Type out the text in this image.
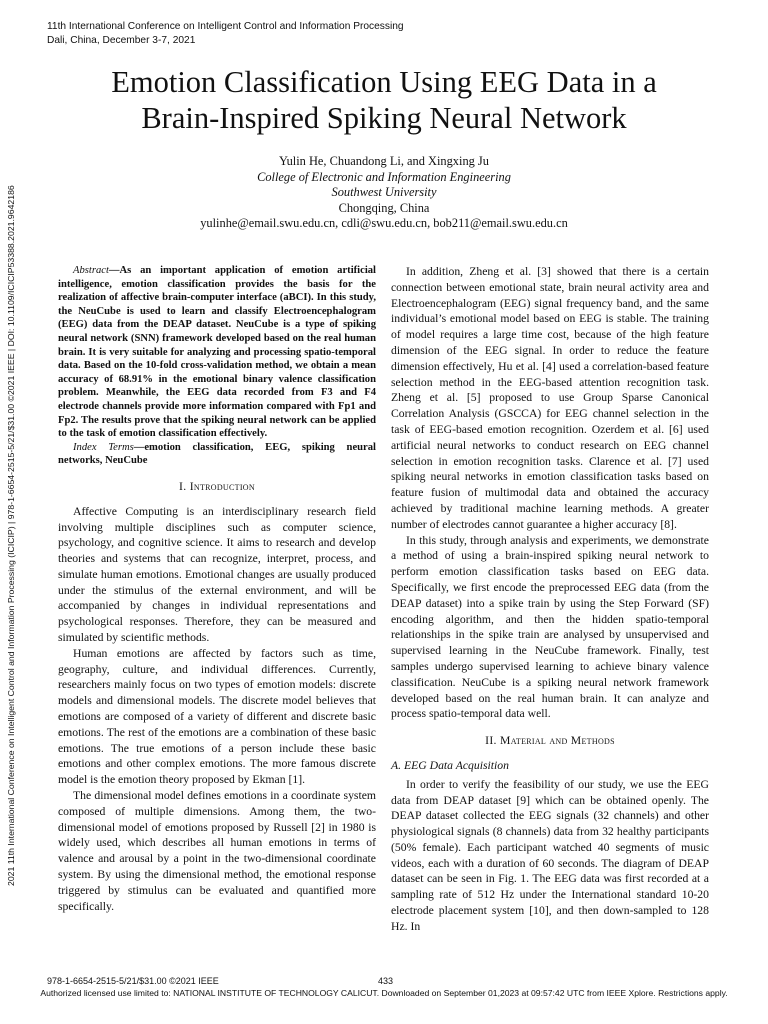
11th International Conference on Intelligent Control and Information Processing
Dali, China, December 3-7, 2021
Emotion Classification Using EEG Data in a
Brain-Inspired Spiking Neural Network
Yulin He, Chuandong Li, and Xingxing Ju
College of Electronic and Information Engineering
Southwest University
Chongqing, China
yulinhe@email.swu.edu.cn, cdli@swu.edu.cn, bob211@email.swu.edu.cn
2021 11th International Conference on Intelligent Control and Information Processing (ICICIP) | 978-1-6654-2515-5/21/$31.00 ©2021 IEEE | DOI: 10.1109/ICICIP53388.2021.9642186	Abstract—As an important application of emotion artificial intelligence, emotion classification provides the basis for the realization of affective brain-computer interface (aBCI). In this study, the NeuCube is used to learn and classify Electroencephalogram (EEG) data from the DEAP dataset. NeuCube is a type of spiking neural network (SNN) framework developed based on the real human brain. It is very suitable for analyzing and processing spatio-temporal data. Based on the 10-fold cross-validation method, we obtain a mean accuracy of 68.91% in the emotional binary valence classification problem. Meanwhile, the EEG data recorded from F3 and F4 electrode channels provide more information compared with Fp1 and Fp2. The results prove that the spiking neural network can be applied to the task of emotion classification effectively.

Index Terms—emotion classification, EEG, spiking neural networks, NeuCube

I. Introduction

Affective Computing is an interdisciplinary research field involving multiple disciplines such as computer science, psychology, and cognitive science. It aims to research and develop theories and systems that can recognize, interpret, process, and simulate human emotions. Emotional changes are usually produced under the stimulus of the external environment, and will be accompanied by changes in individual representations and psychological responses. Therefore, they can be measured and simulated by scientific methods.

Human emotions are affected by factors such as time, geography, culture, and individual differences. Currently, researchers mainly focus on two types of emotion models: discrete models and dimensional models. The discrete model believes that emotions are composed of a variety of different and discrete basic emotions. The rest of the emotions are a combination of these basic emotions. The true emotions of a person include these basic emotions and other complex emotions. The more famous discrete model is the emotion theory proposed by Ekman [1].

The dimensional model defines emotions in a coordinate system composed of multiple dimensions. Among them, the two-dimensional model of emotions proposed by Russell [2] in 1980 is widely used, which describes all human emotions in terms of valence and arousal by a point in the two-dimensional coordinate system. By using the dimensional method, the emotional response triggered by stimulus can be evaluated and quantified more specifically.

In addition, Zheng et al. [3] showed that there is a certain connection between emotional state, brain neural activity area and Electroencephalogram (EEG) signal frequency band, and the same individual’s emotional model based on EEG is stable. The training of model requires a large time cost, because of the high feature dimension of the EEG signal. In order to reduce the feature dimension effectively, Hu et al. [4] used a correlation-based feature selection method in the EEG-based attention recognition task. Zheng et al. [5] proposed to use Group Sparse Canonical Correlation Analysis (GSCCA) for EEG channel selection in the task of EEG-based emotion recognition. Ozerdem et al. [6] used artificial neural networks to conduct research on EEG channel selection in emotion recognition tasks. Clarence et al. [7] used spiking neural networks in emotion classification tasks based on feature fusion of multimodal data and obtained the accuracy achieved by traditional machine learning methods. A greater number of electrodes cannot guarantee a higher accuracy [8].

In this study, through analysis and experiments, we demonstrate a method of using a brain-inspired spiking neural network to perform emotion classification tasks based on EEG data. Specifically, we first encode the preprocessed EEG data (from the DEAP dataset) into a spike train by using the Step Forward (SF) encoding algorithm, and then the hidden spatio-temporal relationships in the spike train are analysed by unsupervised and supervised learning in the NeuCube framework. Finally, test samples undergo supervised learning to achieve binary valence classification. NeuCube is a spiking neural network framework developed based on the real human brain. It can analyze and process spatio-temporal data well.

II. Material and Methods
A. EEG Data Acquisition

In order to verify the feasibility of our study, we use the EEG data from DEAP dataset [9] which can be obtained openly. The DEAP dataset collected the EEG signals (32 channels) and other physiological signals (8 channels) data from 32 healthy participants (50% female). Each participant watched 40 segments of music videos, each with a duration of 60 seconds. The diagram of DEAP dataset can be seen in Fig. 1. The EEG data was first recorded at a sampling rate of 512 Hz under the International standard 10-20 electrode placement system [10], and then down-sampled to 128 Hz. In

978-1-6654-2515-5/21/$31.00 ©2021 IEEE	433
Authorized licensed use limited to: NATIONAL INSTITUTE OF TECHNOLOGY CALICUT. Downloaded on September 01,2023 at 09:57:42 UTC from IEEE Xplore. Restrictions apply.
